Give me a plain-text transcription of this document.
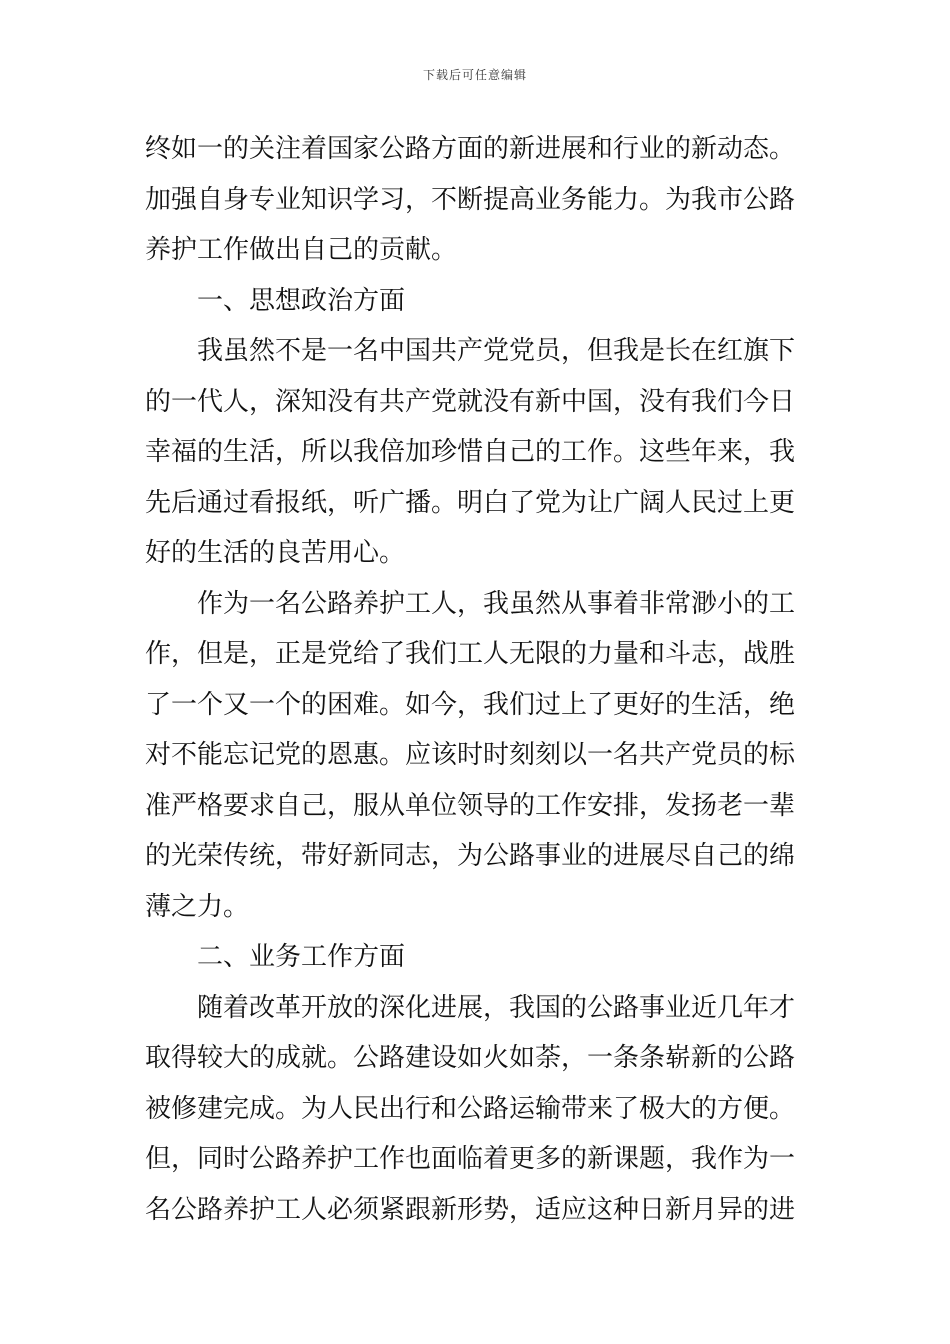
下载后可任意编辑
终如一的关注着国家公路方面的新进展和行业的新动态。
加强自身专业知识学习，不断提高业务能力。为我市公路
养护工作做出自己的贡献。
一、思想政治方面
我虽然不是一名中国共产党党员，但我是长在红旗下
的一代人，深知没有共产党就没有新中国，没有我们今日
幸福的生活，所以我倍加珍惜自己的工作。这些年来，我
先后通过看报纸，听广播。明白了党为让广阔人民过上更
好的生活的良苦用心。
作为一名公路养护工人，我虽然从事着非常渺小的工
作，但是，正是党给了我们工人无限的力量和斗志，战胜
了一个又一个的困难。如今，我们过上了更好的生活，绝
对不能忘记党的恩惠。应该时时刻刻以一名共产党员的标
准严格要求自己，服从单位领导的工作安排，发扬老一辈
的光荣传统，带好新同志，为公路事业的进展尽自己的绵
薄之力。
二、业务工作方面
随着改革开放的深化进展，我国的公路事业近几年才
取得较大的成就。公路建设如火如荼，一条条崭新的公路
被修建完成。为人民出行和公路运输带来了极大的方便。
但，同时公路养护工作也面临着更多的新课题，我作为一
名公路养护工人必须紧跟新形势，适应这种日新月异的进
